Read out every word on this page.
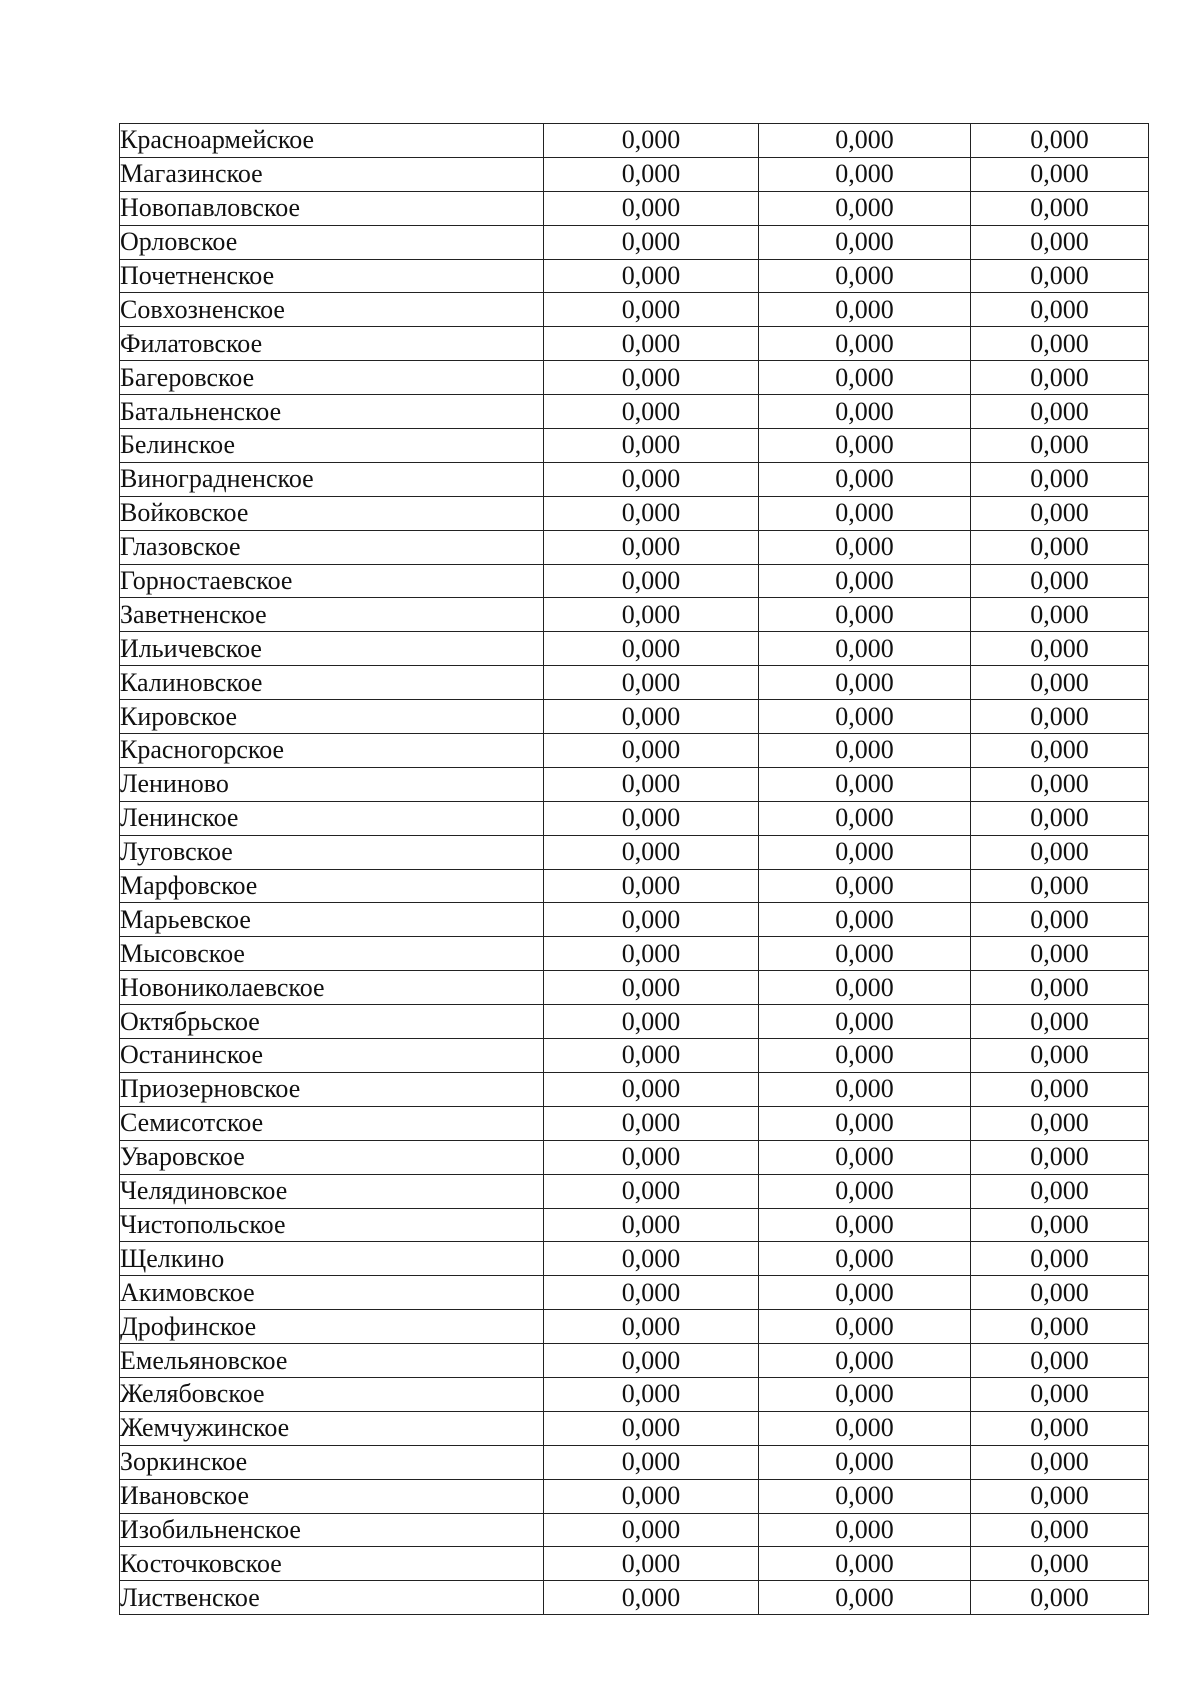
Красноармейское	0,000	0,000	0,000
Магазинское	0,000	0,000	0,000
Новопавловское	0,000	0,000	0,000
Орловское	0,000	0,000	0,000
Почетненское	0,000	0,000	0,000
Совхозненское	0,000	0,000	0,000
Филатовское	0,000	0,000	0,000
Багеровское	0,000	0,000	0,000
Батальненское	0,000	0,000	0,000
Белинское	0,000	0,000	0,000
Виноградненское	0,000	0,000	0,000
Войковское	0,000	0,000	0,000
Глазовское	0,000	0,000	0,000
Горностаевское	0,000	0,000	0,000
Заветненское	0,000	0,000	0,000
Ильичевское	0,000	0,000	0,000
Калиновское	0,000	0,000	0,000
Кировское	0,000	0,000	0,000
Красногорское	0,000	0,000	0,000
Лениново	0,000	0,000	0,000
Ленинское	0,000	0,000	0,000
Луговское	0,000	0,000	0,000
Марфовское	0,000	0,000	0,000
Марьевское	0,000	0,000	0,000
Мысовское	0,000	0,000	0,000
Новониколаевское	0,000	0,000	0,000
Октябрьское	0,000	0,000	0,000
Останинское	0,000	0,000	0,000
Приозерновское	0,000	0,000	0,000
Семисотское	0,000	0,000	0,000
Уваровское	0,000	0,000	0,000
Челядиновское	0,000	0,000	0,000
Чистопольское	0,000	0,000	0,000
Щелкино	0,000	0,000	0,000
Акимовское	0,000	0,000	0,000
Дрофинское	0,000	0,000	0,000
Емельяновское	0,000	0,000	0,000
Желябовское	0,000	0,000	0,000
Жемчужинское	0,000	0,000	0,000
Зоркинское	0,000	0,000	0,000
Ивановское	0,000	0,000	0,000
Изобильненское	0,000	0,000	0,000
Косточковское	0,000	0,000	0,000
Лиственское	0,000	0,000	0,000
